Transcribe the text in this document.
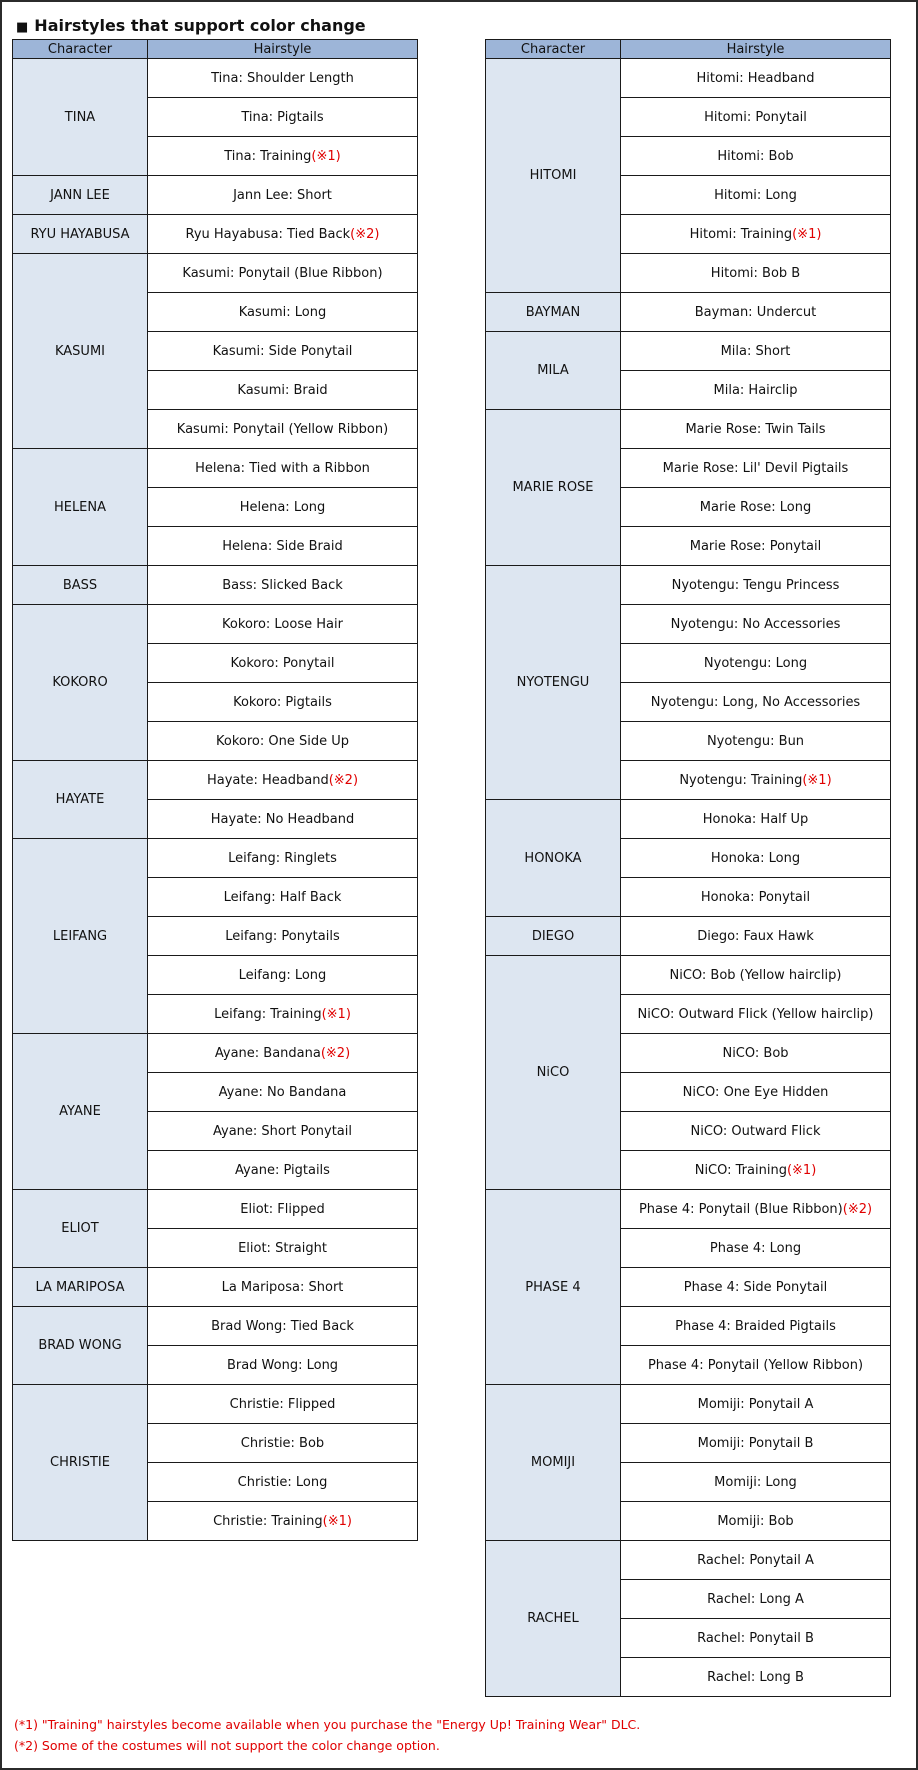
■ Hairstyles that support color change
Character	Hairstyle
TINA	Tina: Shoulder Length
	Tina: Pigtails
	Tina: Training(※1)
JANN LEE	Jann Lee: Short
RYU HAYABUSA	Ryu Hayabusa: Tied Back(※2)
KASUMI	Kasumi: Ponytail (Blue Ribbon)
	Kasumi: Long
	Kasumi: Side Ponytail
	Kasumi: Braid
	Kasumi: Ponytail (Yellow Ribbon)
HELENA	Helena: Tied with a Ribbon
	Helena: Long
	Helena: Side Braid
BASS	Bass: Slicked Back
KOKORO	Kokoro: Loose Hair
	Kokoro: Ponytail
	Kokoro: Pigtails
	Kokoro: One Side Up
HAYATE	Hayate: Headband(※2)
	Hayate: No Headband
LEIFANG	Leifang: Ringlets
	Leifang: Half Back
	Leifang: Ponytails
	Leifang: Long
	Leifang: Training(※1)
AYANE	Ayane: Bandana(※2)
	Ayane: No Bandana
	Ayane: Short Ponytail
	Ayane: Pigtails
ELIOT	Eliot: Flipped
	Eliot: Straight
LA MARIPOSA	La Mariposa: Short
BRAD WONG	Brad Wong: Tied Back
	Brad Wong: Long
CHRISTIE	Christie: Flipped
	Christie: Bob
	Christie: Long
	Christie: Training(※1)
Character	Hairstyle
HITOMI	Hitomi: Headband
	Hitomi: Ponytail
	Hitomi: Bob
	Hitomi: Long
	Hitomi: Training(※1)
	Hitomi: Bob B
BAYMAN	Bayman: Undercut
MILA	Mila: Short
	Mila: Hairclip
MARIE ROSE	Marie Rose: Twin Tails
	Marie Rose: Lil' Devil Pigtails
	Marie Rose: Long
	Marie Rose: Ponytail
NYOTENGU	Nyotengu: Tengu Princess
	Nyotengu: No Accessories
	Nyotengu: Long
	Nyotengu: Long, No Accessories
	Nyotengu: Bun
	Nyotengu: Training(※1)
HONOKA	Honoka: Half Up
	Honoka: Long
	Honoka: Ponytail
DIEGO	Diego: Faux Hawk
NiCO	NiCO: Bob (Yellow hairclip)
	NiCO: Outward Flick (Yellow hairclip)
	NiCO: Bob
	NiCO: One Eye Hidden
	NiCO: Outward Flick
	NiCO: Training(※1)
PHASE 4	Phase 4: Ponytail (Blue Ribbon)(※2)
	Phase 4: Long
	Phase 4: Side Ponytail
	Phase 4: Braided Pigtails
	Phase 4: Ponytail (Yellow Ribbon)
MOMIJI	Momiji: Ponytail A
	Momiji: Ponytail B
	Momiji: Long
	Momiji: Bob
RACHEL	Rachel: Ponytail A
	Rachel: Long A
	Rachel: Ponytail B
	Rachel: Long B
(*1) "Training" hairstyles become available when you purchase the "Energy Up! Training Wear" DLC.
(*2) Some of the costumes will not support the color change option.
